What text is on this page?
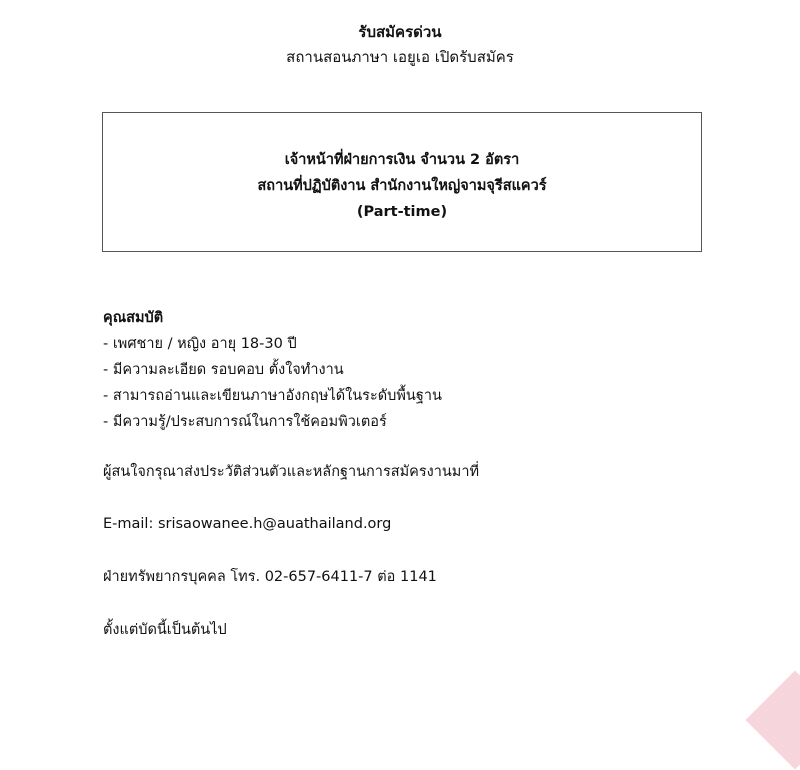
รับสมัครด่วน
สถานสอนภาษา เอยูเอ เปิดรับสมัคร
เจ้าหน้าที่ฝ่ายการเงิน จำนวน 2 อัตรา
สถานที่ปฏิบัติงาน สำนักงานใหญ่จามจุรีสแควร์
(Part-time)
คุณสมบัติ
- เพศชาย / หญิง อายุ 18-30 ปี
- มีความละเอียด รอบคอบ ตั้งใจทำงาน
- สามารถอ่านและเขียนภาษาอังกฤษได้ในระดับพื้นฐาน
- มีความรู้/ประสบการณ์ในการใช้คอมพิวเตอร์
ผู้สนใจกรุณาส่งประวัติส่วนตัวและหลักฐานการสมัครงานมาที่
E-mail: srisaowanee.h@auathailand.org
ฝ่ายทรัพยากรบุคคล โทร. 02-657-6411-7 ต่อ 1141
ตั้งแต่บัดนี้เป็นต้นไป
